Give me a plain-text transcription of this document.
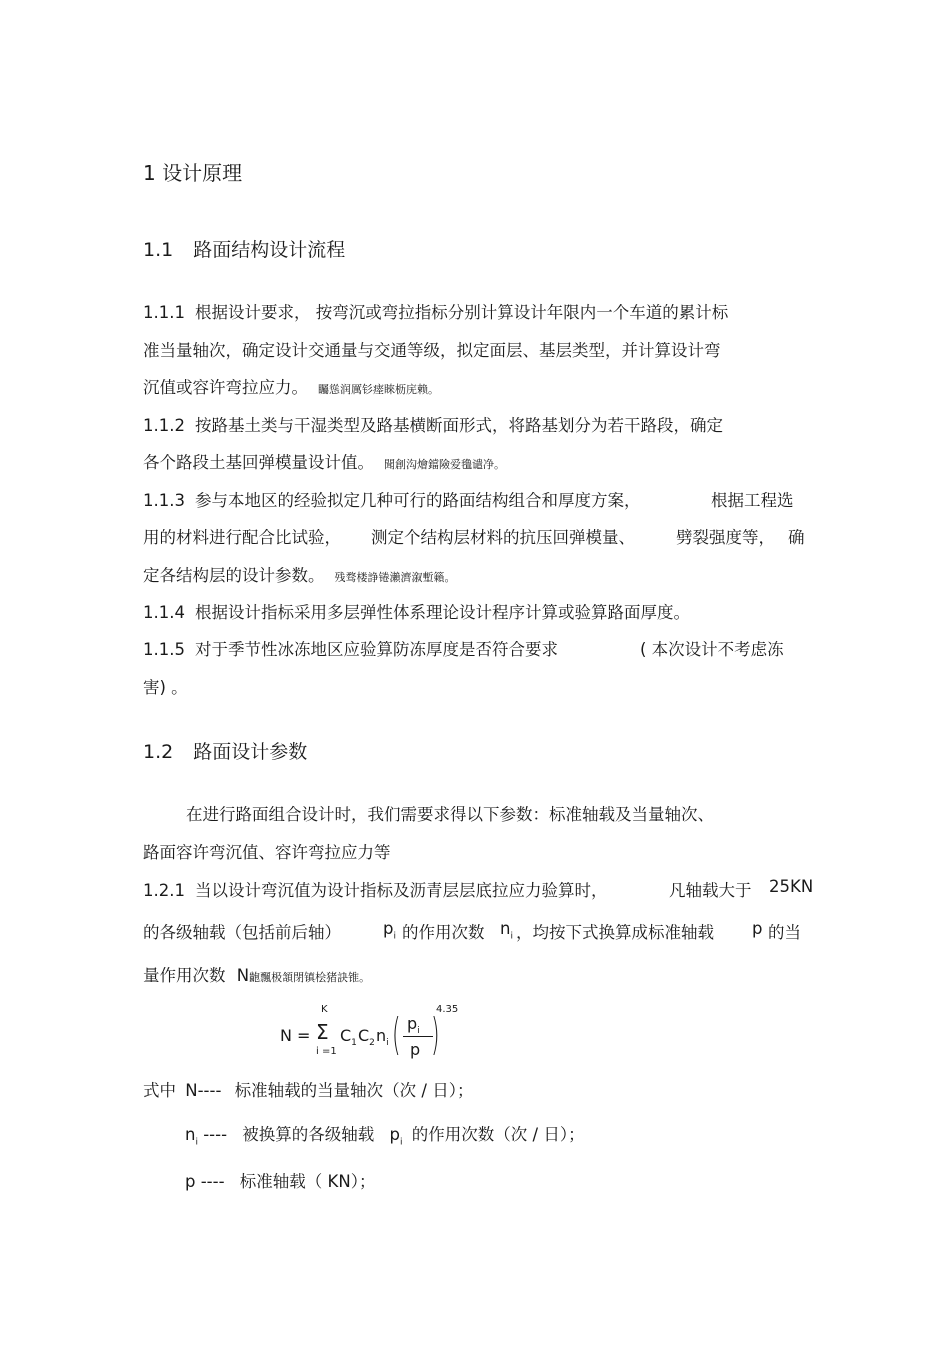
1 设计原理
1.1 路面结构设计流程
1.1.1 根据设计要求， 按弯沉或弯拉指标分别计算设计年限内一个车道的累计标
准当量轴次，确定设计交通量与交通等级，拟定面层、基层类型，并计算设计弯
沉值或容许弯拉应力。 矚慫润厲钐瘗睞枥庑赖。
1.1.2 按路基土类与干湿类型及路基横断面形式，将路基划分为若干路段，确定
各个路段土基回弹模量设计值。 聞創沟燴鐺險爱氇谴净。
1.1.3 参与本地区的经验拟定几种可行的路面结构组合和厚度方案，	根据工程选
用的材料进行配合比试验， 测定个结构层材料的抗压回弹模量、 劈裂强度等， 确
定各结构层的设计参数。 残骛楼諍锩瀨濟溆塹籟。
1.1.4 根据设计指标采用多层弹性体系理论设计程序计算或验算路面厚度。
1.1.5 对于季节性冰冻地区应验算防冻厚度是否符合要求	( 本次设计不考虑冻
害) 。
1.2 路面设计参数
在进行路面组合设计时，我们需要求得以下参数：标准轴载及当量轴次、
路面容许弯沉值、容许弯拉应力等
1.2.1 当以设计弯沉值为设计指标及沥青层层底拉应力验算时，	凡轴载大于 25KN
的各级轴载（包括前后轴）	$p_i$ 的作用次数 $n_i$ ，均按下式换算成标准轴载 p 的当
量作用次数 N齙飄极頷閉镇桧猪訣锥。
N =
K
Σ
i =1
$C_1$ $C_2$ $n_i$ ( $p_i$
p )
4.35
式中 N---- 标准轴载的当量轴次（次 / 日）；
$n_i$ ---- 被换算的各级轴载 $p_i$ 的作用次数（次 / 日）；
p ---- 标准轴载（ KN）；
